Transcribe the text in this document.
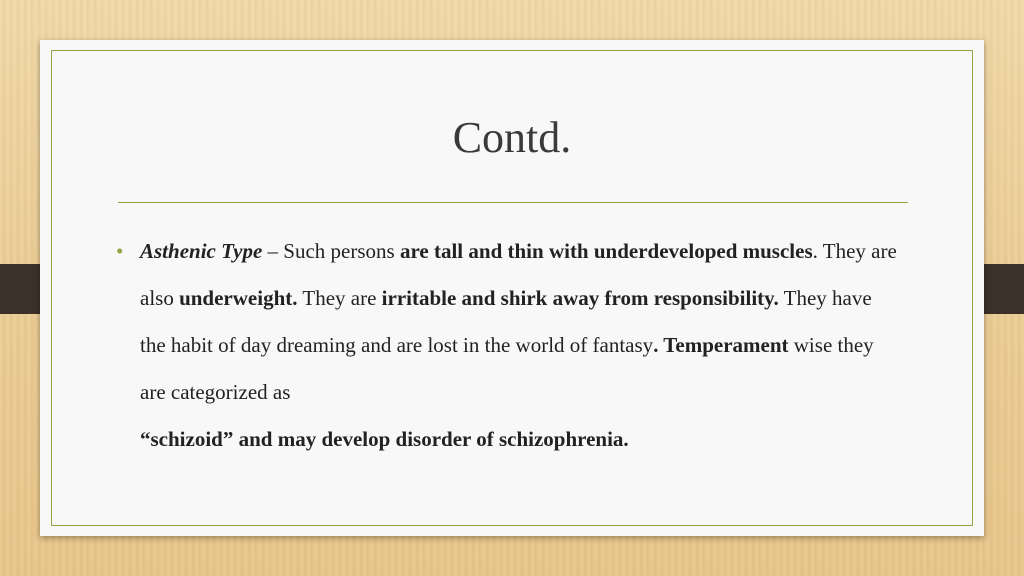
Contd.
• Asthenic Type – Such persons are tall and thin with underdeveloped muscles. They are also underweight. They are irritable and shirk away from responsibility. They have the habit of day dreaming and are lost in the world of fantasy. Temperament wise they are categorized as
“schizoid” and may develop disorder of schizophrenia.
